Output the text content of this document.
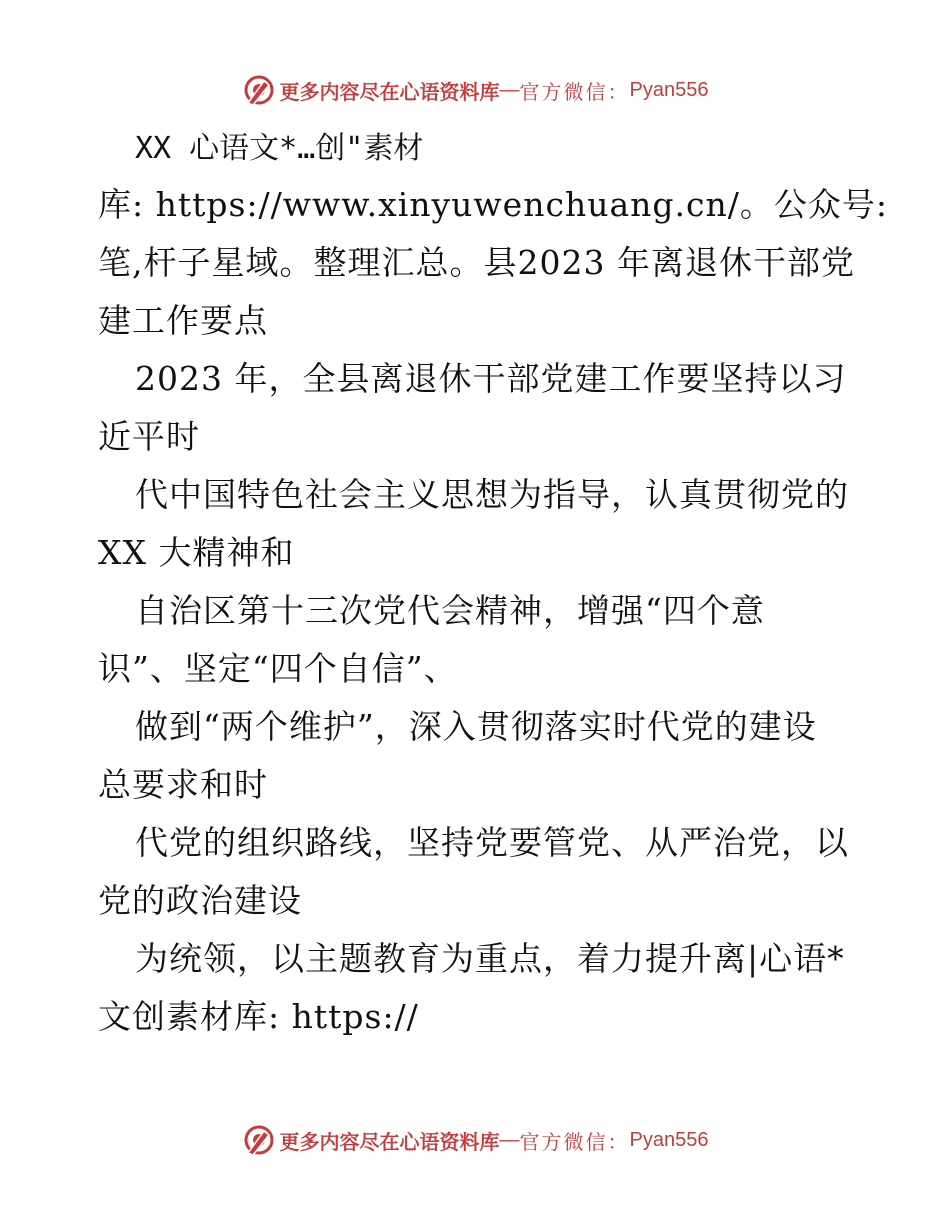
更多内容尽在心语资料库 — 官方微信： Pyan556
XX 心语文*…创"素材
库: https://www.xinyuwenchuang.cn/。公众号:
笔,杆子星域。整理汇总。县2023 年离退休干部党
建工作要点
2023 年，全县离退休干部党建工作要坚持以习
近平时
代中国特色社会主义思想为指导，认真贯彻党的
XX 大精神和
自治区第十三次党代会精神，增强“四个意
识”、坚定“四个自信”、
做到“两个维护”，深入贯彻落实时代党的建设
总要求和时
代党的组织路线，坚持党要管党、从严治党，以
党的政治建设
为统领，以主题教育为重点，着力提升离|心语*
文创素材库: https://
更多内容尽在心语资料库 — 官方微信： Pyan556
